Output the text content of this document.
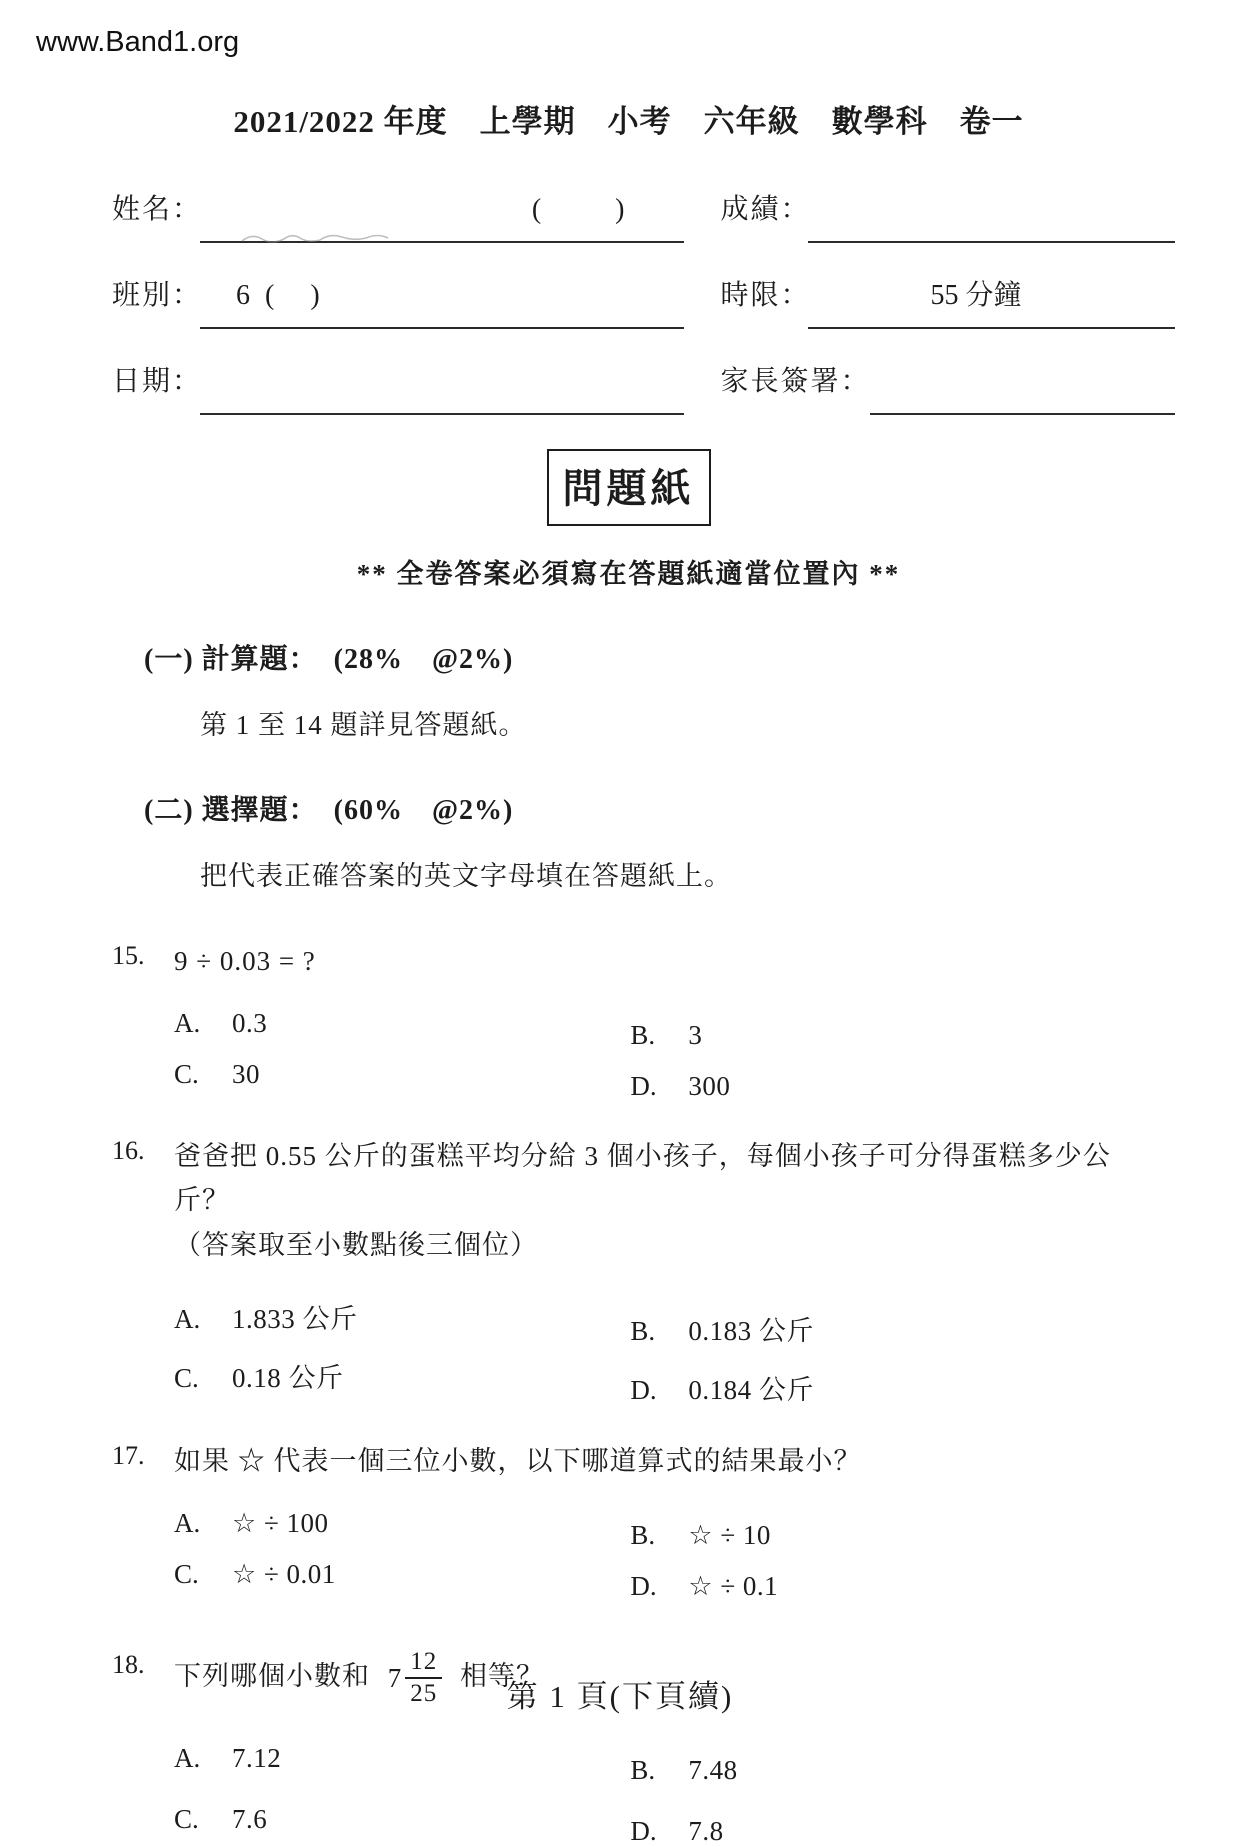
www.Band1.org
2021/2022 年度　上學期　小考　六年級　數學科　卷一
姓名：	(　　)	成績：
班別： 6 (　)	時限：	55 分鐘
日期：	家長簽署：
問題紙
** 全卷答案必須寫在答題紙適當位置內 **
(一) 計算題： (28%　@2%)
第 1 至 14 題詳見答題紙。
(二) 選擇題： (60%　@2%)
把代表正確答案的英文字母填在答題紙上。
15.	9 ÷ 0.03 = ?
A.	0.3	B.	3
C.	30	D.	300
16.	爸爸把 0.55 公斤的蛋糕平均分給 3 個小孩子，每個小孩子可分得蛋糕多少公斤？
（答案取至小數點後三個位）
A.	1.833 公斤	B.	0.183 公斤
C.	0.18 公斤	D.	0.184 公斤
17.	如果 ☆ 代表一個三位小數，以下哪道算式的結果最小？
A.	☆ ÷ 100	B.	☆ ÷ 10
C.	☆ ÷ 0.01	D.	☆ ÷ 0.1
18.	下列哪個小數和 $7 \frac{12}{25}$ 相等？
A.	7.12	B.	7.48
C.	7.6	D.	7.8
第 1 頁(下頁續)
